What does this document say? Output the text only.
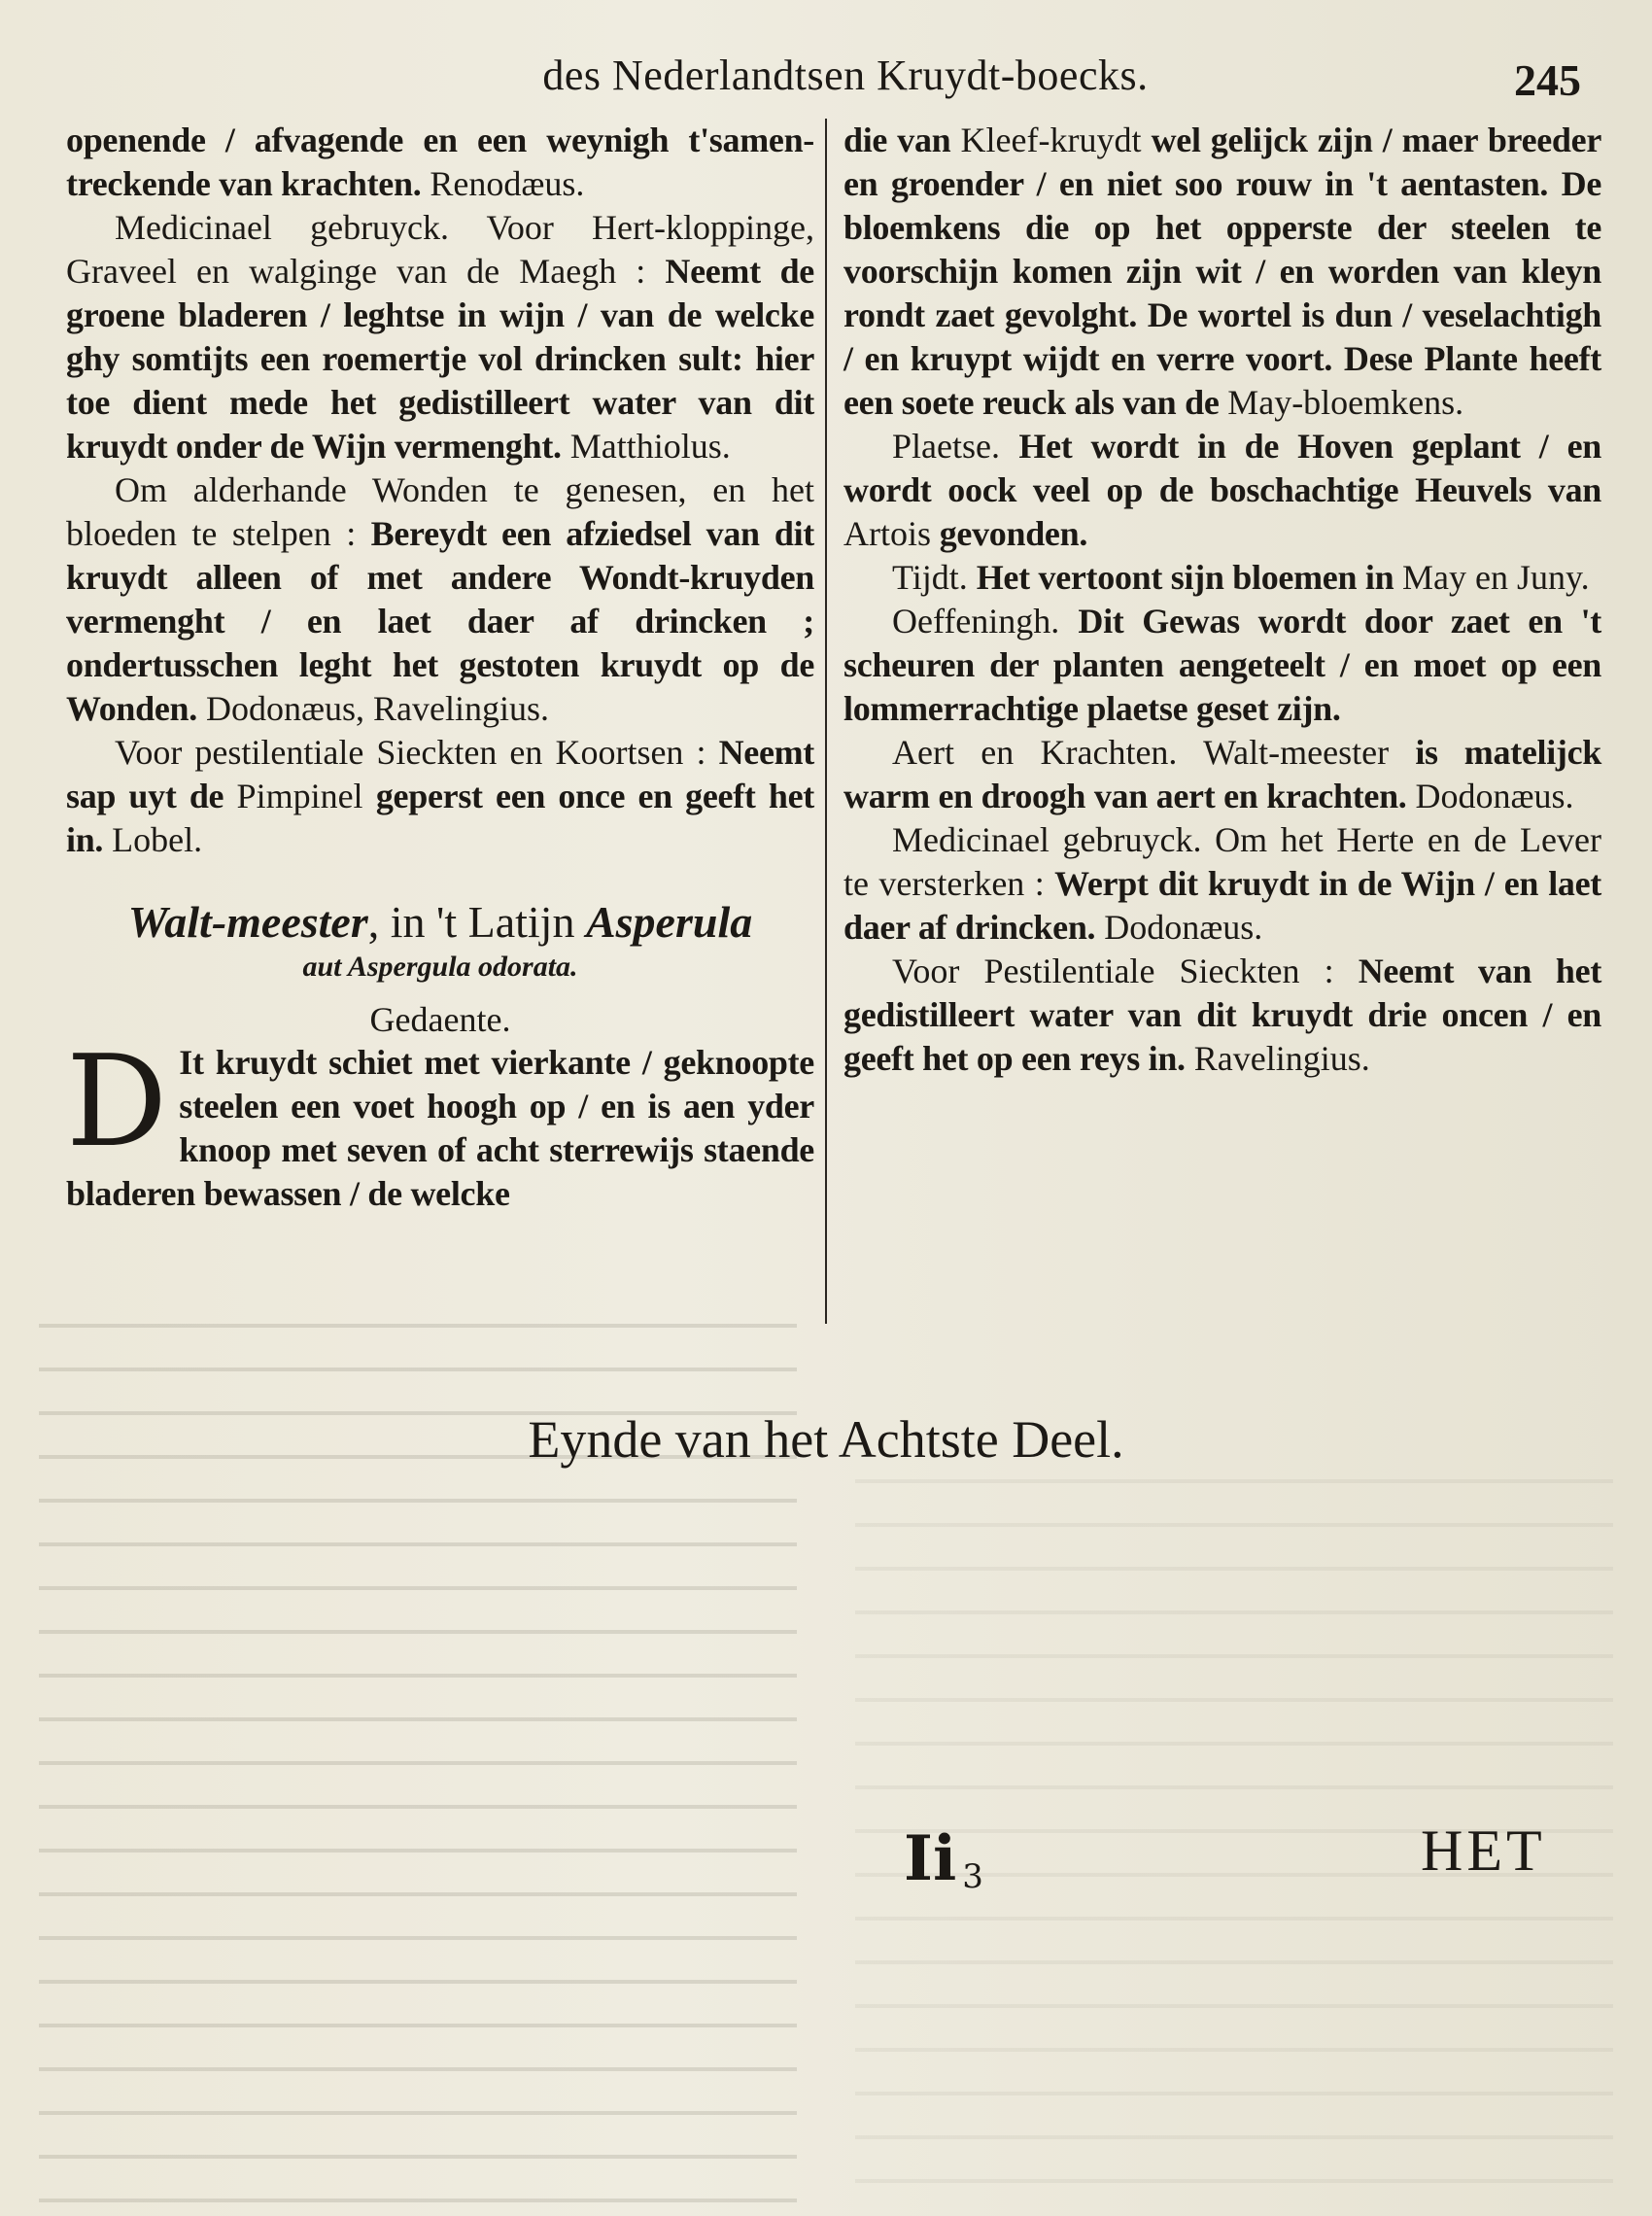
des Nederlandtsen Kruydt-boecks.	245

openende / afvagende en een weynigh t'samen-treckende van krachten. Renodæus.

Medicinael gebruyck. Voor Hert-kloppinge, Graveel en walginge van de Maegh : Neemt de groene bladeren / leghtse in wijn / van de welcke ghy somtijts een roemertje vol drincken sult: hier toe dient mede het gedistilleert water van dit kruydt onder de Wijn vermenght. Matthiolus.

Om alderhande Wonden te genesen, en het bloeden te stelpen : Bereydt een afziedsel van dit kruydt alleen of met andere Wondt-kruyden vermenght / en laet daer af drincken ; ondertusschen leght het gestoten kruydt op de Wonden. Dodonæus, Ravelingius.

Voor pestilentiale Sieckten en Koortsen : Neemt sap uyt de Pimpinel geperst een once en geeft het in. Lobel.

Walt-meester, in 't Latijn Asperula
aut Aspergula odorata.
Gedaente.

D It kruydt schiet met vierkante / geknoopte steelen een voet hoogh op / en is aen yder knoop met seven of acht sterrewijs staende bladeren bewassen / de welcke

die van Kleef-kruydt wel gelijck zijn / maer breeder en groender / en niet soo rouw in 't aentasten. De bloemkens die op het opperste der steelen te voorschijn komen zijn wit / en worden van kleyn rondt zaet gevolght. De wortel is dun / veselachtigh / en kruypt wijdt en verre voort. Dese Plante heeft een soete reuck als van de May-bloemkens.

Plaetse. Het wordt in de Hoven geplant / en wordt oock veel op de boschachtige Heuvels van Artois gevonden.

Tijdt. Het vertoont sijn bloemen in May en Juny.

Oeffeningh. Dit Gewas wordt door zaet en 't scheuren der planten aengeteelt / en moet op een lommerrachtige plaetse geset zijn.

Aert en Krachten. Walt-meester is matelijck warm en droogh van aert en krachten. Dodonæus.

Medicinael gebruyck. Om het Herte en de Lever te versterken : Werpt dit kruydt in de Wijn / en laet daer af drincken. Dodonæus.

Voor Pestilentiale Sieckten : Neemt van het gedistilleert water van dit kruydt drie oncen / en geeft het op een reys in. Ravelingius.

Eynde van het Achtste Deel.
Ii 3	HET
